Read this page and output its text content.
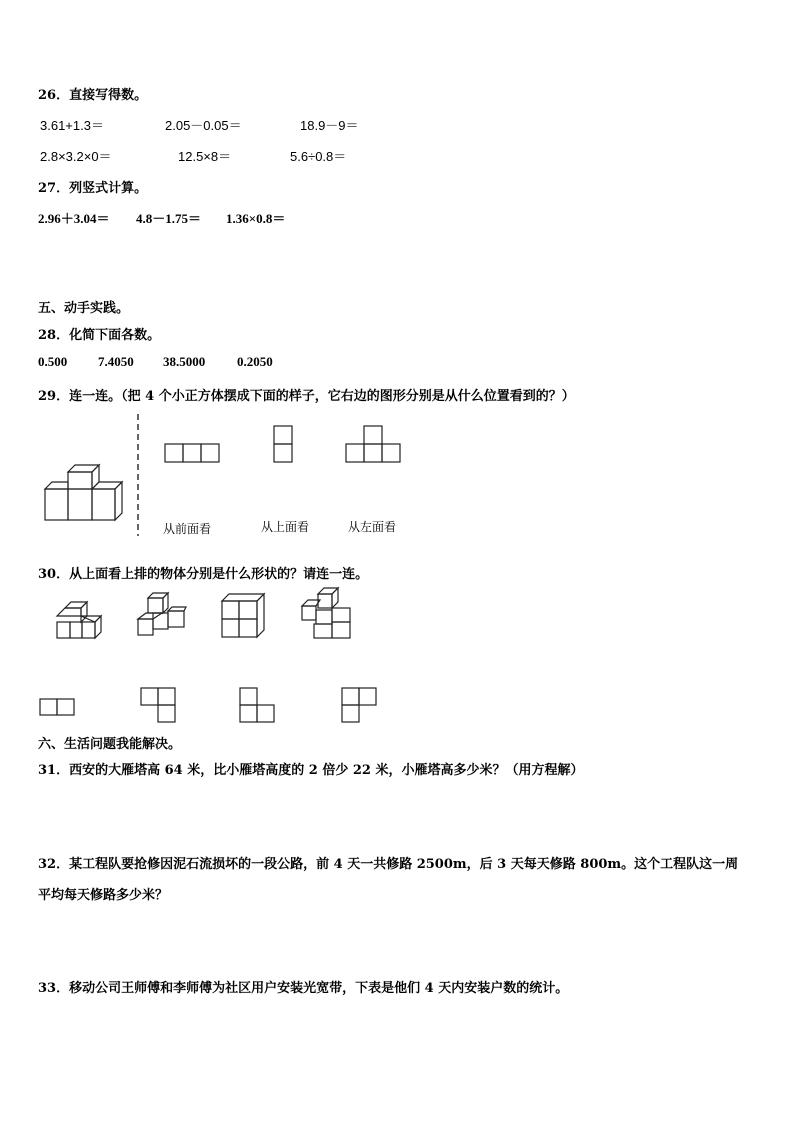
26．直接写得数。
3.61+1.3＝	2.05－0.05＝	18.9－9＝
2.8×3.2×0＝	12.5×8＝	5.6÷0.8＝
27．列竖式计算。
2.96＋3.04＝ 4.8－1.75＝ 1.36×0.8＝
五、动手实践。
28．化简下面各数。
0.500 7.4050 38.5000 0.2050
29．连一连。（把 4 个小正方体摆成下面的样子，它右边的图形分别是从什么位置看到的？）
从前面看	从上面看	从左面看
30．从上面看上排的物体分别是什么形状的？请连一连。
六、生活问题我能解决。
31．西安的大雁塔高 64 米，比小雁塔高度的 2 倍少 22 米，小雁塔高多少米？（用方程解）
32．某工程队要抢修因泥石流损坏的一段公路，前 4 天一共修路 2500m，后 3 天每天修路 800m。这个工程队这一周
平均每天修路多少米？
33．移动公司王师傅和李师傅为社区用户安装光宽带，下表是他们 4 天内安装户数的统计。
